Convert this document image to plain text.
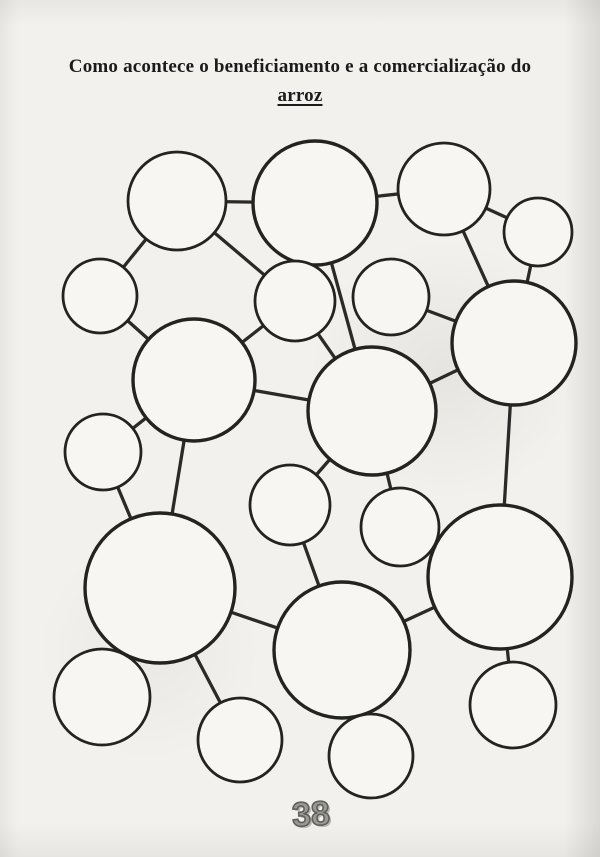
Como acontece o beneficiamento e a comercialização do
arroz
38
